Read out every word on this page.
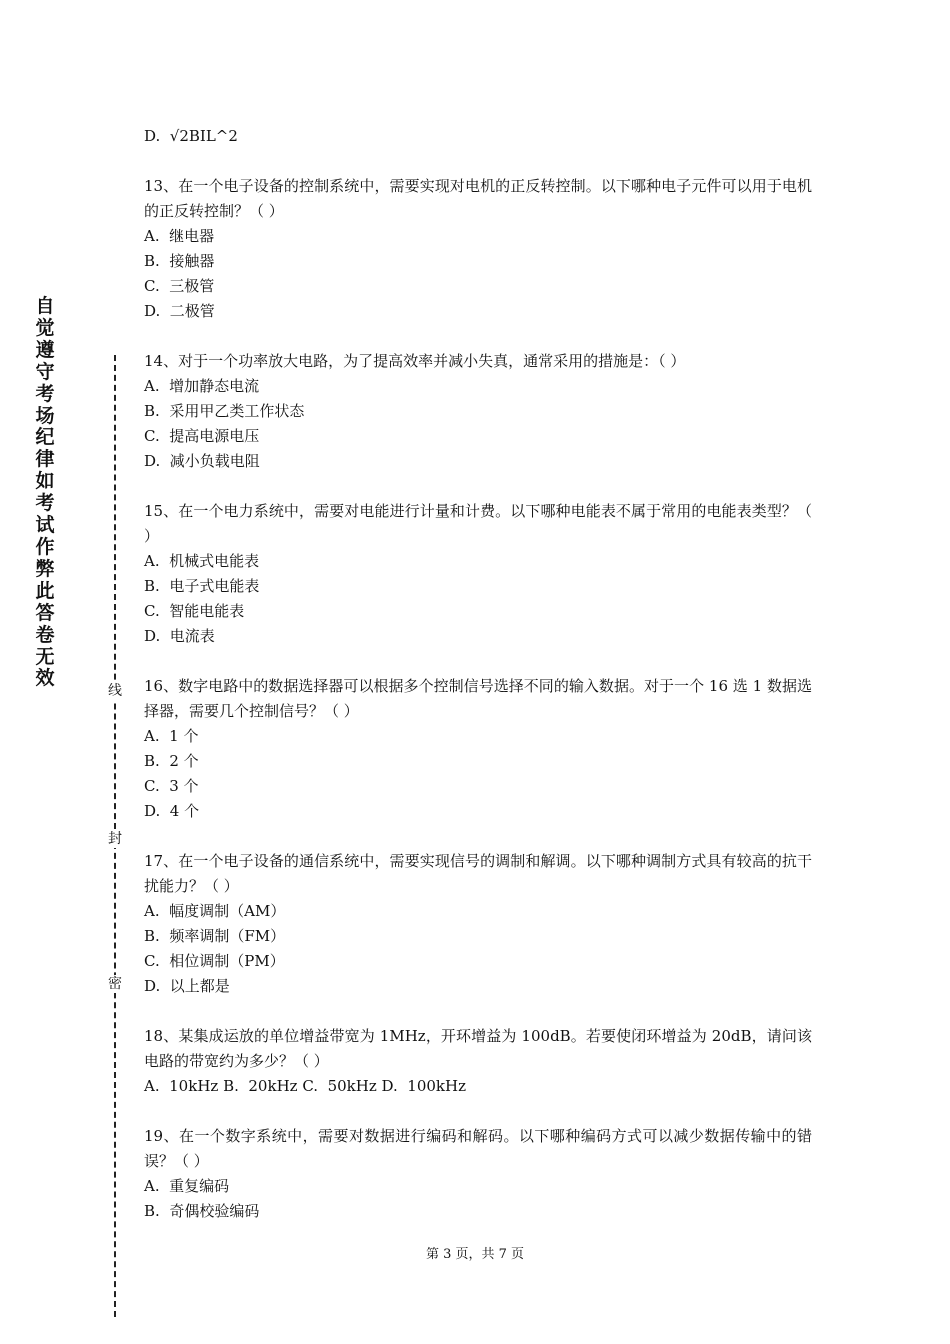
自觉遵守考场纪律如考试作弊此答卷无效
线
封
密
D.  √2BIL^2
13、在一个电子设备的控制系统中，需要实现对电机的正反转控制。以下哪种电子元件可以用于电机的正反转控制？（ ）
A.  继电器
B.  接触器
C.  三极管
D.  二极管
14、对于一个功率放大电路，为了提高效率并减小失真，通常采用的措施是：（ ）
A.  增加静态电流
B.  采用甲乙类工作状态
C.  提高电源电压
D.  减小负载电阻
15、在一个电力系统中，需要对电能进行计量和计费。以下哪种电能表不属于常用的电能表类型？（ ）
A.  机械式电能表
B.  电子式电能表
C.  智能电能表
D.  电流表
16、数字电路中的数据选择器可以根据多个控制信号选择不同的输入数据。对于一个 16 选 1 数据选择器，需要几个控制信号？（ ）
A.  1 个
B.  2 个
C.  3 个
D.  4 个
17、在一个电子设备的通信系统中，需要实现信号的调制和解调。以下哪种调制方式具有较高的抗干扰能力？（ ）
A.  幅度调制（AM）
B.  频率调制（FM）
C.  相位调制（PM）
D.  以上都是
18、某集成运放的单位增益带宽为 1MHz，开环增益为 100dB。若要使闭环增益为 20dB，请问该电路的带宽约为多少？（ ）
A.  10kHz B.  20kHz C.  50kHz D.  100kHz
19、在一个数字系统中，需要对数据进行编码和解码。以下哪种编码方式可以减少数据传输中的错误？（ ）
A.  重复编码
B.  奇偶校验编码
第 3 页，共 7 页
